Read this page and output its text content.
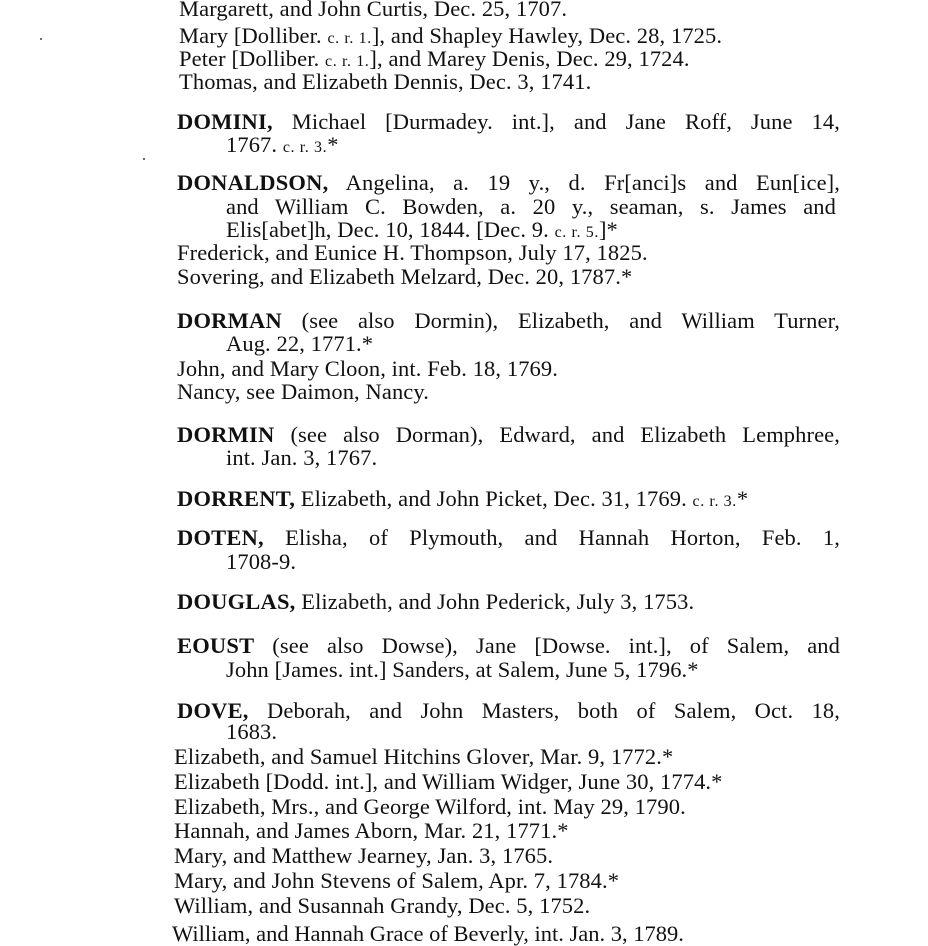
Margarett, and John Curtis, Dec. 25, 1707.
Mary [Dolliber. c. r. 1.], and Shapley Hawley, Dec. 28, 1725.
Peter [Dolliber. c. r. 1.], and Marey Denis, Dec. 29, 1724.
Thomas, and Elizabeth Dennis, Dec. 3, 1741.
DOMINI, Michael [Durmadey. int.], and Jane Roff, June 14,
1767. c. r. 3.*
DONALDSON, Angelina, a. 19 y., d. Fr[anci]s and Eun[ice],
and William C. Bowden, a. 20 y., seaman, s. James and
Elis[abet]h, Dec. 10, 1844. [Dec. 9. c. r. 5.]*
Frederick, and Eunice H. Thompson, July 17, 1825.
Sovering, and Elizabeth Melzard, Dec. 20, 1787.*
DORMAN (see also Dormin), Elizabeth, and William Turner,
Aug. 22, 1771.*
John, and Mary Cloon, int. Feb. 18, 1769.
Nancy, see Daimon, Nancy.
DORMIN (see also Dorman), Edward, and Elizabeth Lemphree,
int. Jan. 3, 1767.
DORRENT, Elizabeth, and John Picket, Dec. 31, 1769. c. r. 3.*
DOTEN, Elisha, of Plymouth, and Hannah Horton, Feb. 1,
1708-9.
DOUGLAS, Elizabeth, and John Pederick, July 3, 1753.
EOUST (see also Dowse), Jane [Dowse. int.], of Salem, and
John [James. int.] Sanders, at Salem, June 5, 1796.*
DOVE, Deborah, and John Masters, both of Salem, Oct. 18,
1683.
Elizabeth, and Samuel Hitchins Glover, Mar. 9, 1772.*
Elizabeth [Dodd. int.], and William Widger, June 30, 1774.*
Elizabeth, Mrs., and George Wilford, int. May 29, 1790.
Hannah, and James Aborn, Mar. 21, 1771.*
Mary, and Matthew Jearney, Jan. 3, 1765.
Mary, and John Stevens of Salem, Apr. 7, 1784.*
William, and Susannah Grandy, Dec. 5, 1752.
William, and Hannah Grace of Beverly, int. Jan. 3, 1789.
